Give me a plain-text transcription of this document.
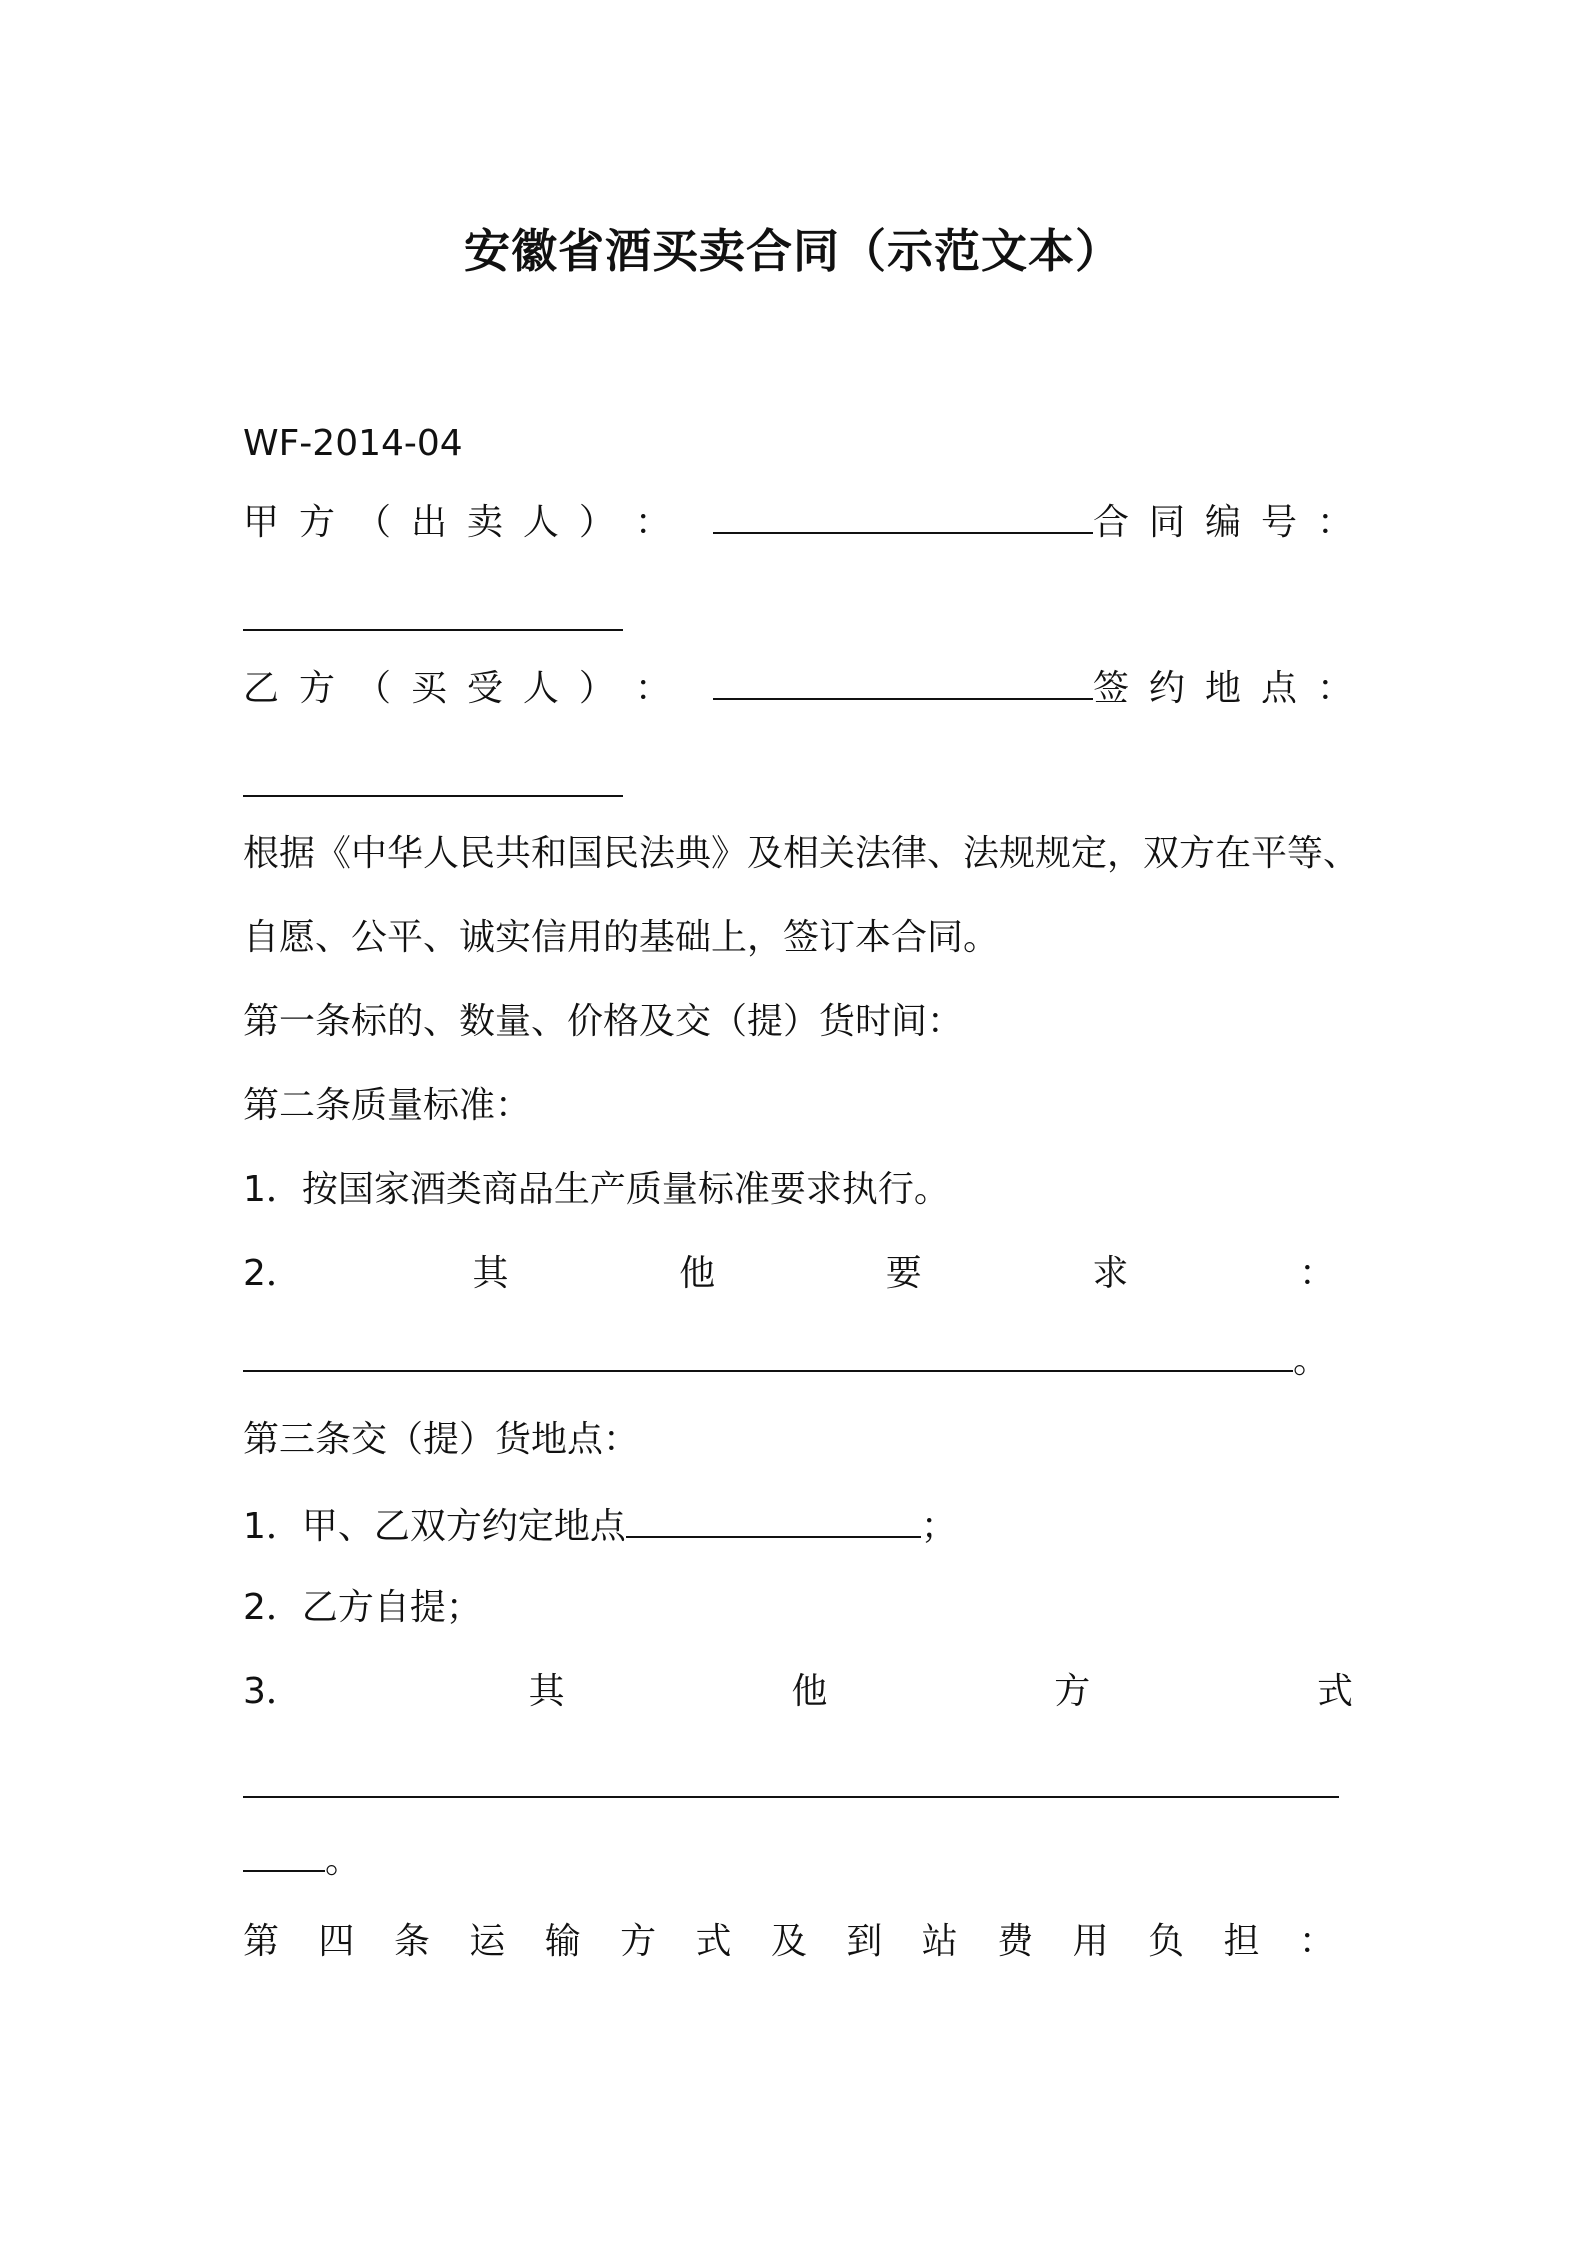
安徽省酒买卖合同（示范文本）
WF-2014-04
甲 方 （ 出 卖 人 ） ：	合 同 编 号 ：
乙 方 （ 买 受 人 ） ：	签 约 地 点 ：
根据《中华人民共和国民法典》及相关法律、法规规定，双方在平等、
自愿、公平、诚实信用的基础上，签订本合同。
第一条标的、数量、价格及交（提）货时间：
第二条质量标准：
1．按国家酒类商品生产质量标准要求执行。
2．	其	他	要	求	：
。
第三条交（提）货地点：
1．甲、乙双方约定地点	；
2．乙方自提；
3．	其	他	方	式
。
第 四 条 运 输 方 式 及 到 站 费 用 负 担 ：
